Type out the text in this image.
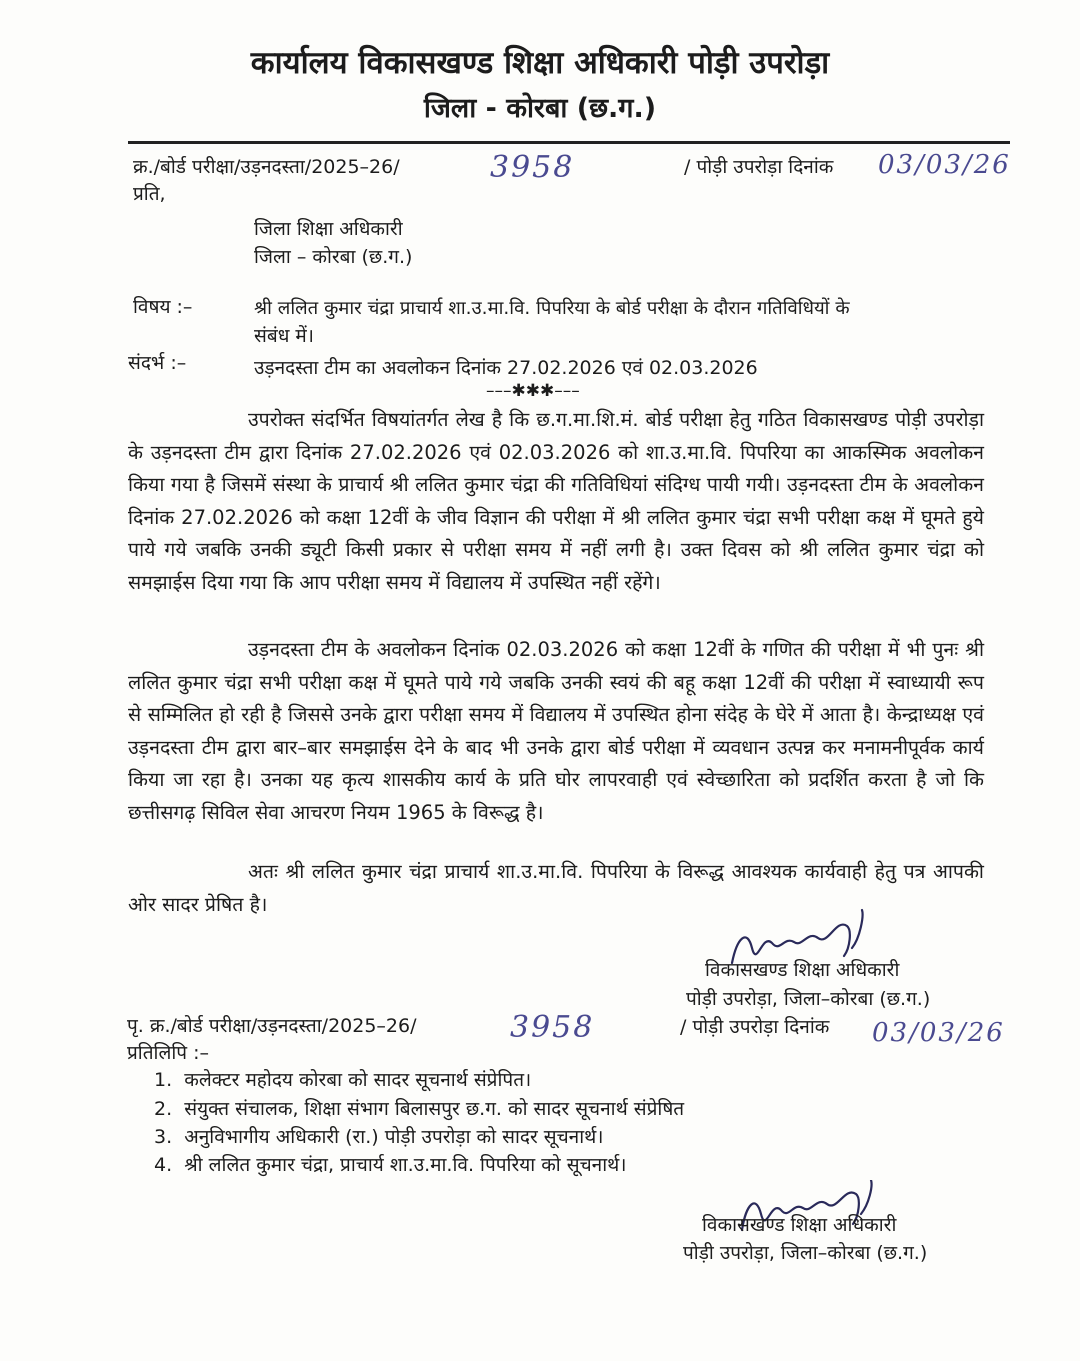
कार्यालय विकासखण्ड शिक्षा अधिकारी पोड़ी उपरोड़ा
जिला - कोरबा (छ.ग.)
क्र./बोर्ड परीक्षा/उड़नदस्ता/2025–26/	3958	/ पोड़ी उपरोड़ा दिनांक 03/03/26
प्रति,
जिला शिक्षा अधिकारी
जिला – कोरबा (छ.ग.)
विषय :–	श्री ललित कुमार चंद्रा प्राचार्य शा.उ.मा.वि. पिपरिया के बोर्ड परीक्षा के दौरान गतिविधियों के
संबंध में।
संदर्भ :–	उड़नदस्ता टीम का अवलोकन दिनांक 27.02.2026 एवं 02.03.2026
–––✱✱✱–––
उपरोक्त संदर्भित विषयांतर्गत लेख है कि छ.ग.मा.शि.मं. बोर्ड परीक्षा हेतु गठित विकासखण्ड पोड़ी उपरोड़ा के उड़नदस्ता टीम द्वारा दिनांक 27.02.2026 एवं 02.03.2026 को शा.उ.मा.वि. पिपरिया का आकस्मिक अवलोकन किया गया है जिसमें संस्था के प्राचार्य श्री ललित कुमार चंद्रा की गतिविधियां संदिग्ध पायी गयी। उड़नदस्ता टीम के अवलोकन दिनांक 27.02.2026 को कक्षा 12वीं के जीव विज्ञान की परीक्षा में श्री ललित कुमार चंद्रा सभी परीक्षा कक्ष में घूमते हुये पाये गये जबकि उनकी ड्यूटी किसी प्रकार से परीक्षा समय में नहीं लगी है। उक्त दिवस को श्री ललित कुमार चंद्रा को समझाईस दिया गया कि आप परीक्षा समय में विद्यालय में उपस्थित नहीं रहेंगे।
उड़नदस्ता टीम के अवलोकन दिनांक 02.03.2026 को कक्षा 12वीं के गणित की परीक्षा में भी पुनः श्री ललित कुमार चंद्रा सभी परीक्षा कक्ष में घूमते पाये गये जबकि उनकी स्वयं की बहू कक्षा 12वीं की परीक्षा में स्वाध्यायी रूप से सम्मिलित हो रही है जिससे उनके द्वारा परीक्षा समय में विद्यालय में उपस्थित होना संदेह के घेरे में आता है। केन्द्राध्यक्ष एवं उड़नदस्ता टीम द्वारा बार–बार समझाईस देने के बाद भी उनके द्वारा बोर्ड परीक्षा में व्यवधान उत्पन्न कर मनामनीपूर्वक कार्य किया जा रहा है। उनका यह कृत्य शासकीय कार्य के प्रति घोर लापरवाही एवं स्वेच्छारिता को प्रदर्शित करता है जो कि छत्तीसगढ़ सिविल सेवा आचरण नियम 1965 के विरूद्ध है।
अतः श्री ललित कुमार चंद्रा प्राचार्य शा.उ.मा.वि. पिपरिया के विरूद्ध आवश्यक कार्यवाही हेतु पत्र आपकी ओर सादर प्रेषित है।
विकासखण्ड शिक्षा अधिकारी
पोड़ी उपरोड़ा, जिला–कोरबा (छ.ग.)
पृ. क्र./बोर्ड परीक्षा/उड़नदस्ता/2025–26/	3958	/ पोड़ी उपरोड़ा दिनांक 03/03/26
प्रतिलिपि :–
1. कलेक्टर महोदय कोरबा को सादर सूचनार्थ संप्रेपित।
2. संयुक्त संचालक, शिक्षा संभाग बिलासपुर छ.ग. को सादर सूचनार्थ संप्रेषित
3. अनुविभागीय अधिकारी (रा.) पोड़ी उपरोड़ा को सादर सूचनार्थ।
4. श्री ललित कुमार चंद्रा, प्राचार्य शा.उ.मा.वि. पिपरिया को सूचनार्थ।
विकासखण्ड शिक्षा अधिकारी
पोड़ी उपरोड़ा, जिला–कोरबा (छ.ग.)
